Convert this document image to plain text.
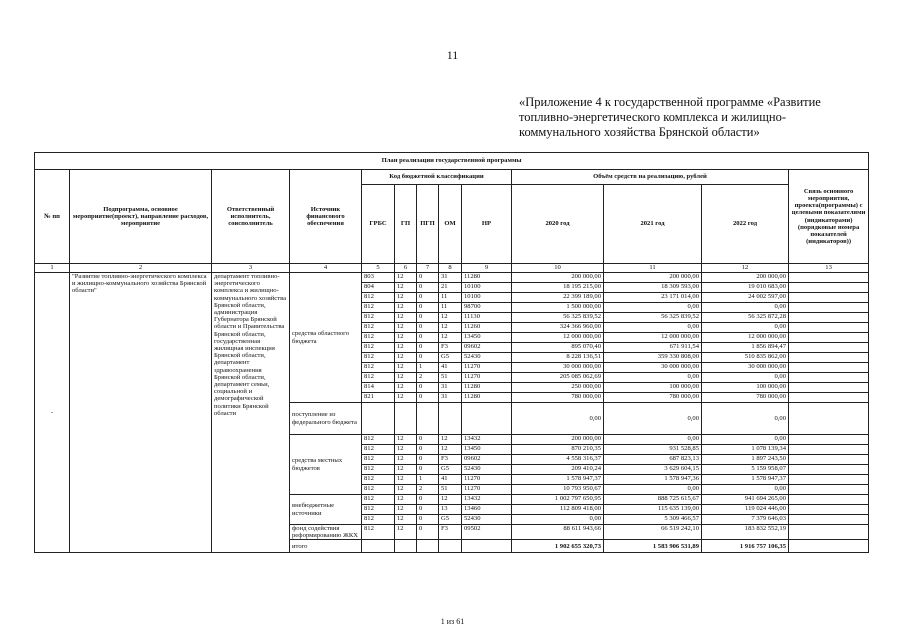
11
«Приложение 4 к государственной программе «Развитие топливно-энергетического комплекса и жилищно-коммунального хозяйства Брянской области»
План реализации государственной программы												
№ пп	Подпрограмма, основное мероприятие(проект), направление расходов, мероприятие	Ответственный исполнитель, соисполнитель	Источник финансового обеспечения	Код бюджетной классификации					Объём средств на реализацию, рублей			Связь основного мероприятия, проекта(программы) с целевыми показателями (индикаторами) (порядковые номера показателей (индикаторов))
				ГРБС	ГП	ПГП	ОМ	НР	2020 год	2021 год	2022 год	
1	2	3	4	5	6	7	8	9	10	11	12	13
-	"Развитие топливно-энергетического комплекса и жилищно-коммунального хозяйства Брянской области"	департамент топливно-энергетического комплекса и жилищно-коммунального хозяйства Брянской области, администрация Губернатора Брянской области и Правительства Брянской области, государственная жилищная инспекция Брянской области, департамент здравоохранения Брянской области, департамент семьи, социальной и демографической политики Брянской области	средства областного бюджета	803	12	0	31	11280	200 000,00	200 000,00	200 000,00	
				804	12	0	21	10100	18 195 215,00	18 309 593,00	19 010 683,00	
				812	12	0	11	10100	22 399 189,00	23 171 014,00	24 002 597,00	
				812	12	0	11	98700	1 500 000,00	0,00	0,00	
				812	12	0	12	11130	56 325 839,52	56 325 839,52	56 325 872,28	
				812	12	0	12	11260	324 366 960,00	0,00	0,00	
				812	12	0	12	13450	12 000 000,00	12 000 000,00	12 000 000,00	
				812	12	0	F3	09602	895 070,40	671 911,54	1 856 894,47	
				812	12	0	G5	52430	8 228 136,51	359 330 808,00	510 835 862,00	
				812	12	1	41	11270	30 000 000,00	30 000 000,00	30 000 000,00	
				812	12	2	51	11270	205 085 062,69	0,00	0,00	
				814	12	0	31	11280	250 000,00	100 000,00	100 000,00	
				821	12	0	31	11280	780 000,00	780 000,00	780 000,00	
			поступление из федерального бюджета						0,00	0,00	0,00	
			средства местных бюджетов	812	12	0	12	13432	200 000,00	0,00	0,00	
				812	12	0	12	13450	870 210,35	931 528,85	1 078 139,34	
				812	12	0	F3	09602	4 558 316,37	687 823,13	1 897 243,50	
				812	12	0	G5	52430	209 410,24	3 629 604,15	5 159 958,07	
				812	12	1	41	11270	1 578 947,37	1 578 947,36	1 578 947,37	
				812	12	2	51	11270	10 793 950,67	0,00	0,00	
			внебюджетные источники	812	12	0	12	13432	1 002 797 650,95	888 725 615,67	941 694 265,00	
				812	12	0	13	13460	112 809 418,00	115 635 139,00	119 024 446,00	
				812	12	0	G5	52430	0,00	5 309 466,57	7 379 646,03	
			фонд содействия реформированию ЖКХ	812	12	0	F3	09502	88 611 943,66	66 519 242,10	183 832 552,19	
			итого						1 902 655 320,73	1 583 906 531,89	1 916 757 106,35	
1 из 61
